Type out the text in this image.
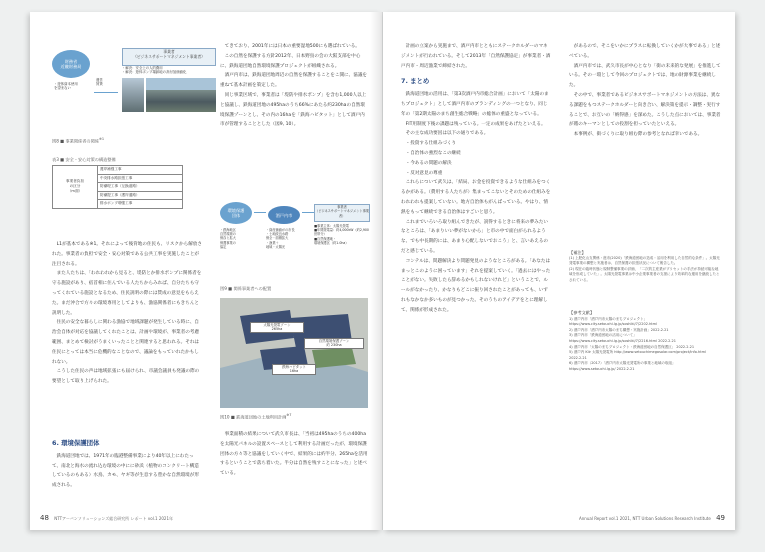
財務省
近畿財務局
・遊休資本使用
を望まない
運営
賃貸
事業者
（ビジネスサポートマネジメント事業者）
・解決：安全上の人的費用
・解決：遊休ポンプ場跡地の高付加価値化
図8 ■ 事業関係者の関係$^{※1}$
表3 ■ 安全・安心対策の構造整備
事業者負担
の区分
（m面）	護岸補強工事
中央排水路拡張工事
防潮堤工事（互換道路）
防潮提工事（護岸通路）
排水ポンプ増強工事

L1が基本である※1。それによって後背地の住民も、リスクから解放された。事業者の負担で安全・安心対策である公共工事を実施したことが注目される。

また人たちは、「われわれから見ると、堤防とか排水ポンプに関係者を守る施設があり、宿首相に住んでいる人たちからみれば、自分たちも守ってくれている施設となるため、住民説明の際には賛成の意見をもらえた。まだ沖合で方々の環境専用としてよりも、漁協関係者にもきちんと説明した。

住民の安全な暮らしに関わる漁協で地域課題が発生している時に、自治会自体が対応を協議してくれたことは、計画や環境が、事業者の考慮範囲、まとめて検討がうまくいったことと関連すると思われる。それは住民にとっては本当に危機的なことなので、議論をもっていれたかもしれない。

こうした住民の声は地域拡張にも届けられ、市議会議員も発議の際の要望として取り上げられた。

6. 環境保護団体

鉄海道団地では、1971年の臨港整備事業により40年以上にわたって、南北と海水の流れ込む環境の中にに砂浜（植物のコンクリート構造しているのもある）水鳥、カモ、ヤギ等が生息する豊かな自然環境が形成される。

てきており、2001年には日本の重要湿地500にも選ばれている。

この自然を保護する方針2012年、日本野鳥の会の大阪支部を中心に、鉄海道団地自然環境保護プロジェクトが組織される。

酒戸内市は、鉄海道団地周辺の自然を保護することをこ開に、協議を重ねて基本計画を策定した。

同じ事業区域で、事業者は「堤防や排水ポンプ」を含む1,000人以上と協議し、鉄海道団地の495haのうち66%にあたる約230haの自然環境保護ゾーンとし、その内の16haを「鉄海ハビタット」として酒戸内市が管理することとした（図9, 10）。

環境保護
団体
・鉄海地区
自然環境の
保存と拡大
保護事業の
協定
酒戸内市
・資産価値がの市長
・土地改良水路
保全・面積拡大
・漁業＋
地域・太陽光
事業者
（ビジネスサポートマネジメント事業者）
■事業主体：太陽光発電
■年間発電量：約4,000kW（約2,900世帯分）
■自然保護地・
環境保護区（約1.0ha）
図9 ■ 関係事業者への配置
太陽光発電ゾーン
265ha
自然環境保護ゾーン
約 230ha
鉄海ハビタット
16ha
図10 ■ 鉄海道団地の土地利用計画$^{※7}$

事業面積の結果について武久市長は、「当初は495haのうちの400haを太陽光パネルの設置スペースとして利用する計画だったが、環境保護団体の方々等と協議をしていく中で、結果的には約半分、265haを活用するということで落ち着いた。半分は自然を残すことになった」と述べている。

48 NTTアーバンソリューションズ総合研究所 レポート vol.1 2021年

計画の立案から実施まで、酒戸内市とともにステークホルダーのマネジメントが行われている。そして2013年「自然保護協定」が事業者・酒戸内市・周辺漁業で締結された。

7. まとめ

鉄海道団地の活用は、「第3次酒戸内市総合計画」において「太陽のまちプロジェクト」として酒戸内市のブランディングの一つとなり、同じ年の「第2期太陽のまち創生総合戦略」の総体の重盛となっている。

FIT用制度下後の課題は残っている。一定の成果をあげたといえる。

その主な成功要因は以下の通りである。

・投資する仕組みづくり

・自治体の強烈なこの継続

・今あるの問題の解決

・反対意見の尊重

これらについて武久は、「結局、お金を投資できるような仕組みをつくるかがある。（費用する人たちが）集まってこないとそのための仕組みをわれわれも提案していない。地方自治体もがんばっている。やはり、情熱をもって継続できる自治体はすごいと思う。

これまでいろいろ取り組んできたが、説得するときに将来の夢みたいなところは、「あまりいい夢がないから」と市の中で面白がられるような、でも中長期的には、あまり心配しないでおこう」と、言いあえるのだと感じている。

コンテルは、問題解決より問題発見のようなところがある。「あなたはまっとこのように困っています」それを提案していく。「過去にはやったことがない。失敗したら辞めるかもしれないけれど」ということで、ルールがなかったり、かなりもどこに振り回されたことがあっても、いずれもなかなか多いものが見つかった。そのうちのアイデアをとに理解して、関係が形成された。

があるので、そこをいかにプラスに転換していくかが大事である」と述べている。

酒戸内市では、武久市長が中心となり「街の未来的な発展」を推進している。その一環として今回のプロジェクトでは、地の財源事業を継続した。

その中で、事業者であるビジネスサポートマネジメントの方法は、異なる課題をもつステークホルダーと向き合い、解決策を提示・調整・実行することで、お互いの「納得感」を深めた。こうした点においては、事業者が賭のキーマンとしての役割を担っていたといえる。

本事例が、街づくりに取り組む際の参考となれば幸いである。

【補注】
(1) 上肥化山支関係・進市(2020)「鉄海道団地の造成・活用を利用した自然的な条件」。太陽光発電事業の構想と実施者は、自然保護の拡張状況について報告した。
(2) 現在の臨時状態と規制整備事業の評価、「二次的主産業がプリセットの手法が持続可能な地域を形成していた」。太陽光発電事業は中小企業事業者の支援により効率的な運用を継続したとされている。
【参考文献】
1) 酒戸内市「酒戸内市太陽のまちプロジェクト」 https://www.city.setouchi.lg.jp/soshiki/7/2202.html
2) 酒戸内市「酒戸内市太陽のまち構想・実施計画」2022.2.21
3) 酒戸内市「鉄海道団地の活用について」 https://www.city.setouchi.lg.jp/soshiki/7/2216.html 2022.2.21
4) 酒戸内市「太陽のまちプロジェクト・鉄海道団地の自然保護区」 2022.2.21
5) 酒戸内 Kiir 太陽光発電所 http://www.setouchimegasolar.com/project/info.html 2022.2.21
6) 酒戸内市（2017）「酒戸内市太陽光発電所の事業と地域の取組」 https://www.setouchi.lg.jp/ 2022.2.21
Annual Report vol.1 2021, NTT Urban Solutions Research Institute 49
